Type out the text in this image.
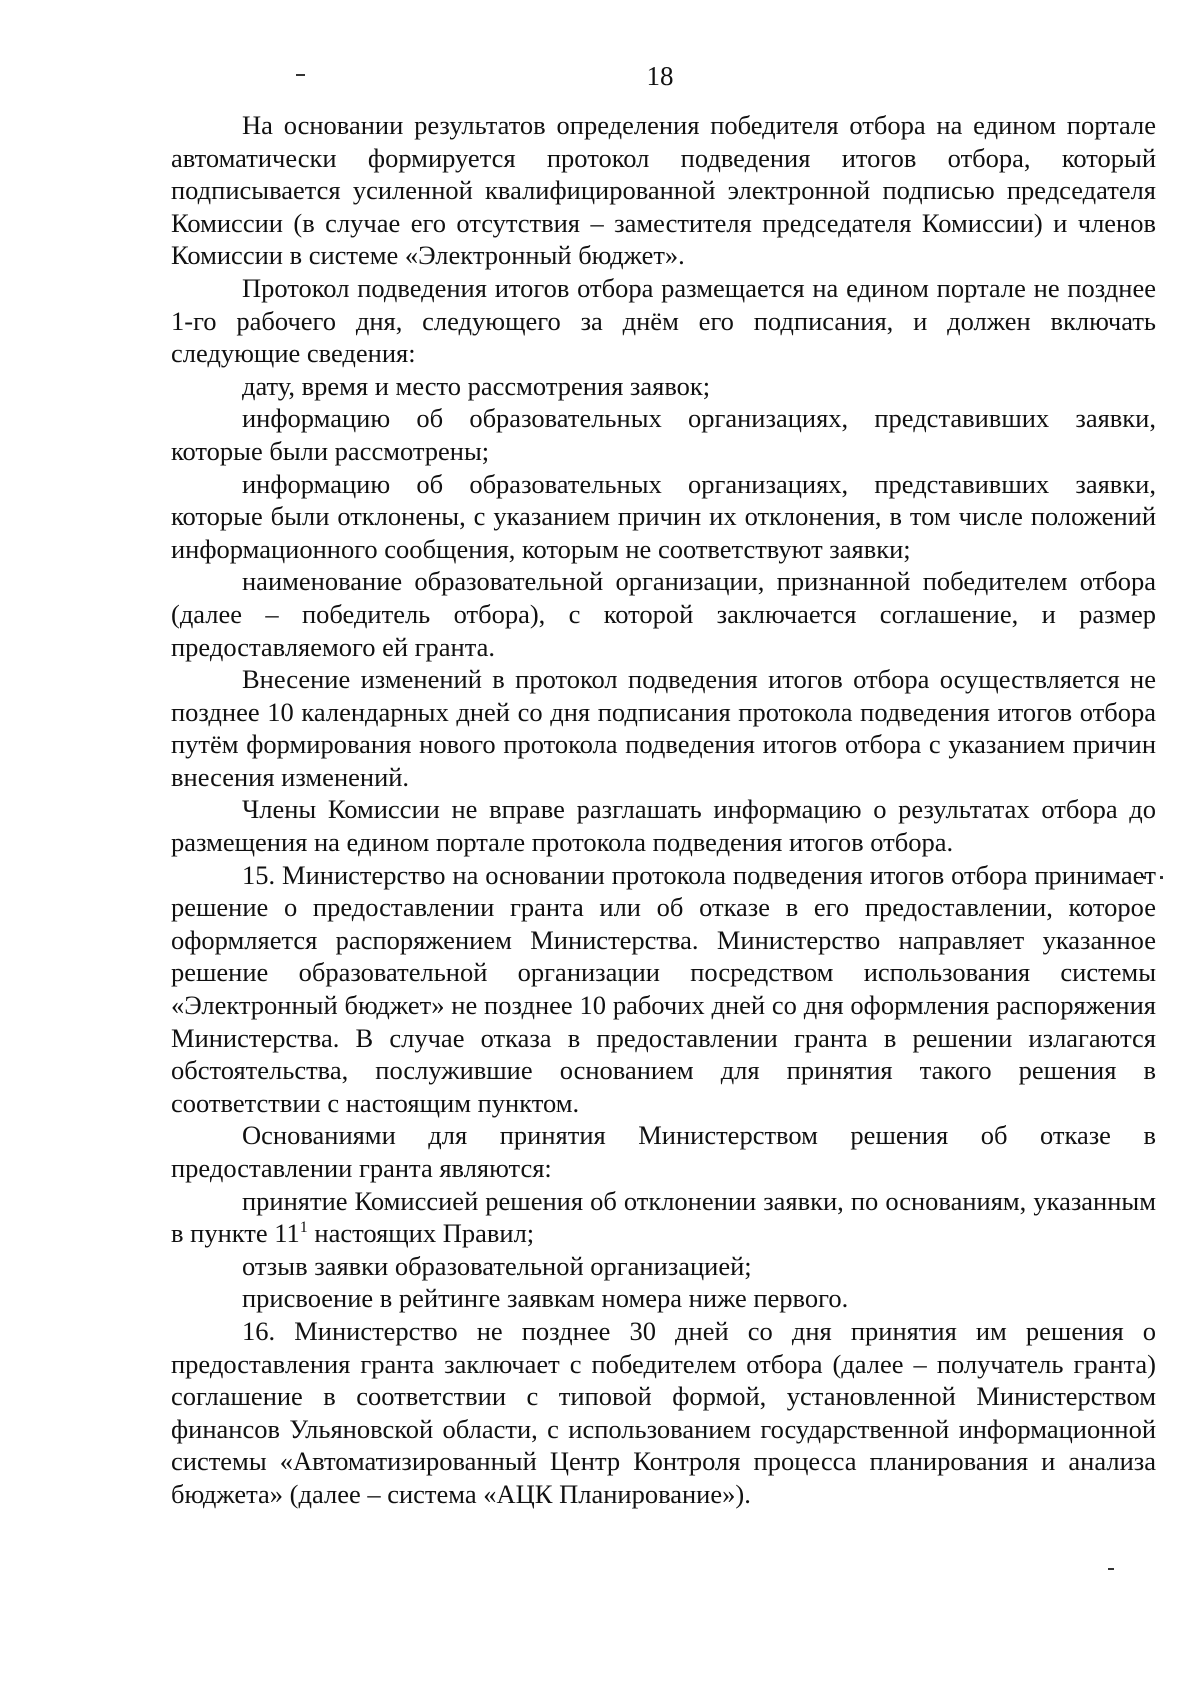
18

На основании результатов определения победителя отбора на едином портале автоматически формируется протокол подведения итогов отбора, который подписывается усиленной квалифицированной электронной подписью председателя Комиссии (в случае его отсутствия – заместителя председателя Комиссии) и членов Комиссии в системе «Электронный бюджет».

Протокол подведения итогов отбора размещается на едином портале не позднее 1-го рабочего дня, следующего за днём его подписания, и должен включать следующие сведения:

дату, время и место рассмотрения заявок;

информацию об образовательных организациях, представивших заявки, которые были рассмотрены;

информацию об образовательных организациях, представивших заявки, которые были отклонены, с указанием причин их отклонения, в том числе положений информационного сообщения, которым не соответствуют заявки;

наименование образовательной организации, признанной победителем отбора (далее – победитель отбора), с которой заключается соглашение, и размер предоставляемого ей гранта.

Внесение изменений в протокол подведения итогов отбора осуществляется не позднее 10 календарных дней со дня подписания протокола подведения итогов отбора путём формирования нового протокола подведения итогов отбора с указанием причин внесения изменений.

Члены Комиссии не вправе разглашать информацию о результатах отбора до размещения на едином портале протокола подведения итогов отбора.

15. Министерство на основании протокола подведения итогов отбора принимает решение о предоставлении гранта или об отказе в его предоставлении, которое оформляется распоряжением Министерства. Министерство направляет указанное решение образовательной организации посредством использования системы «Электронный бюджет» не позднее 10 рабочих дней со дня оформления распоряжения Министерства. В случае отказа в предоставлении гранта в решении излагаются обстоятельства, послужившие основанием для принятия такого решения в соответствии с настоящим пунктом.

Основаниями для принятия Министерством решения об отказе в предоставлении гранта являются:

принятие Комиссией решения об отклонении заявки, по основаниям, указанным в пункте $11^1$ настоящих Правил;

отзыв заявки образовательной организацией;

присвоение в рейтинге заявкам номера ниже первого.

16. Министерство не позднее 30 дней со дня принятия им решения о предоставления гранта заключает с победителем отбора (далее – получатель гранта) соглашение в соответствии с типовой формой, установленной Министерством финансов Ульяновской области, с использованием государственной информационной системы «Автоматизированный Центр Контроля процесса планирования и анализа бюджета» (далее – система «АЦК Планирование»).
